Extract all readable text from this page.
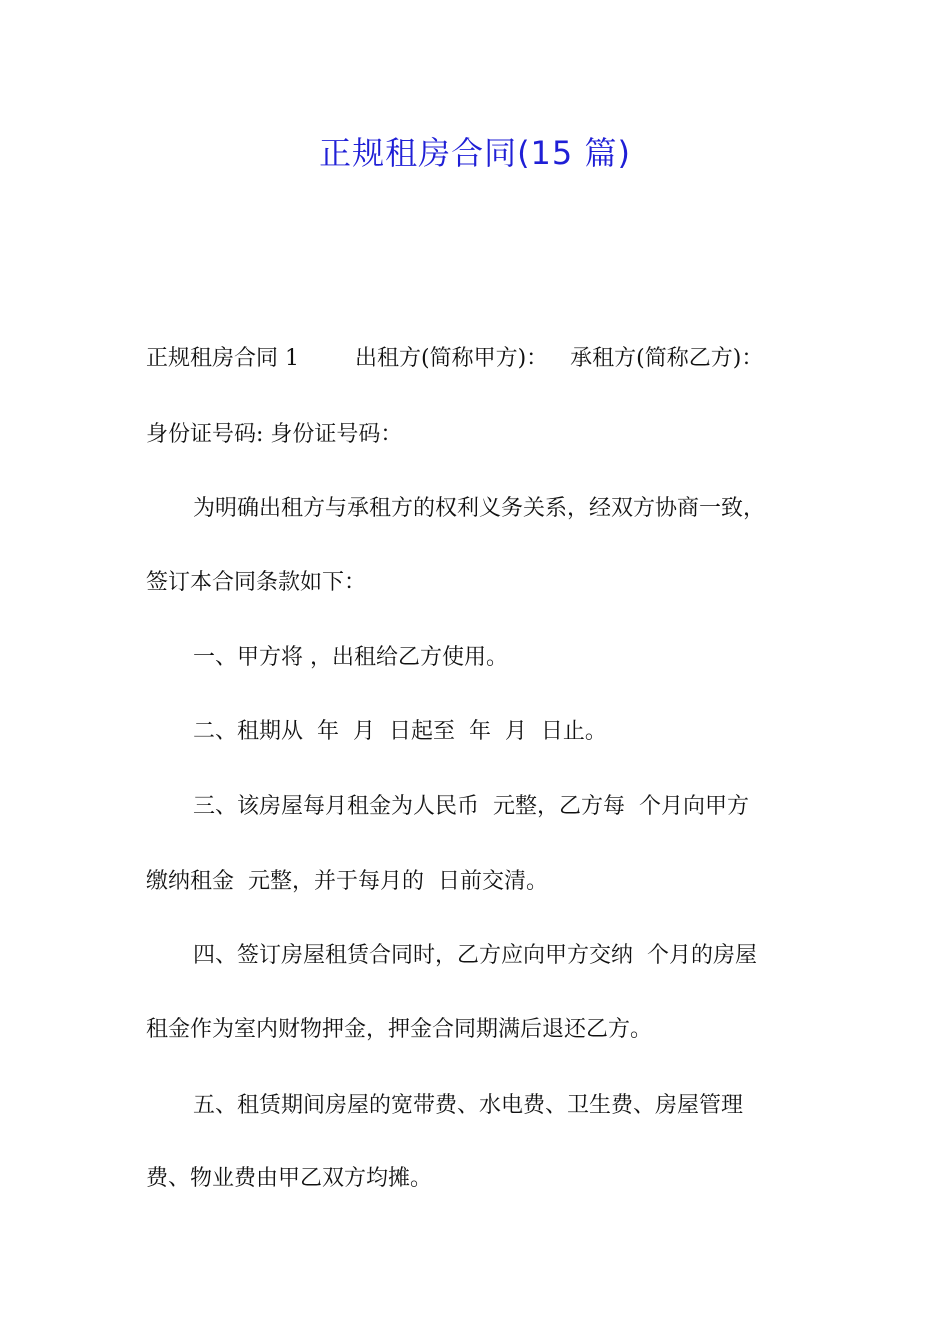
正规租房合同(15 篇)
正规租房合同 1	出租方(简称甲方)： 承租方(简称乙方)：
身份证号码: 身份证号码：
为明确出租方与承租方的权利义务关系，经双方协商一致，
签订本合同条款如下：
一、甲方将 ，出租给乙方使用。
二、租期从  年  月  日起至  年  月  日止。
三、该房屋每月租金为人民币  元整，乙方每  个月向甲方
缴纳租金  元整，并于每月的  日前交清。
四、签订房屋租赁合同时，乙方应向甲方交纳  个月的房屋
租金作为室内财物押金，押金合同期满后退还乙方。
五、租赁期间房屋的宽带费、水电费、卫生费、房屋管理
费、物业费由甲乙双方均摊。
